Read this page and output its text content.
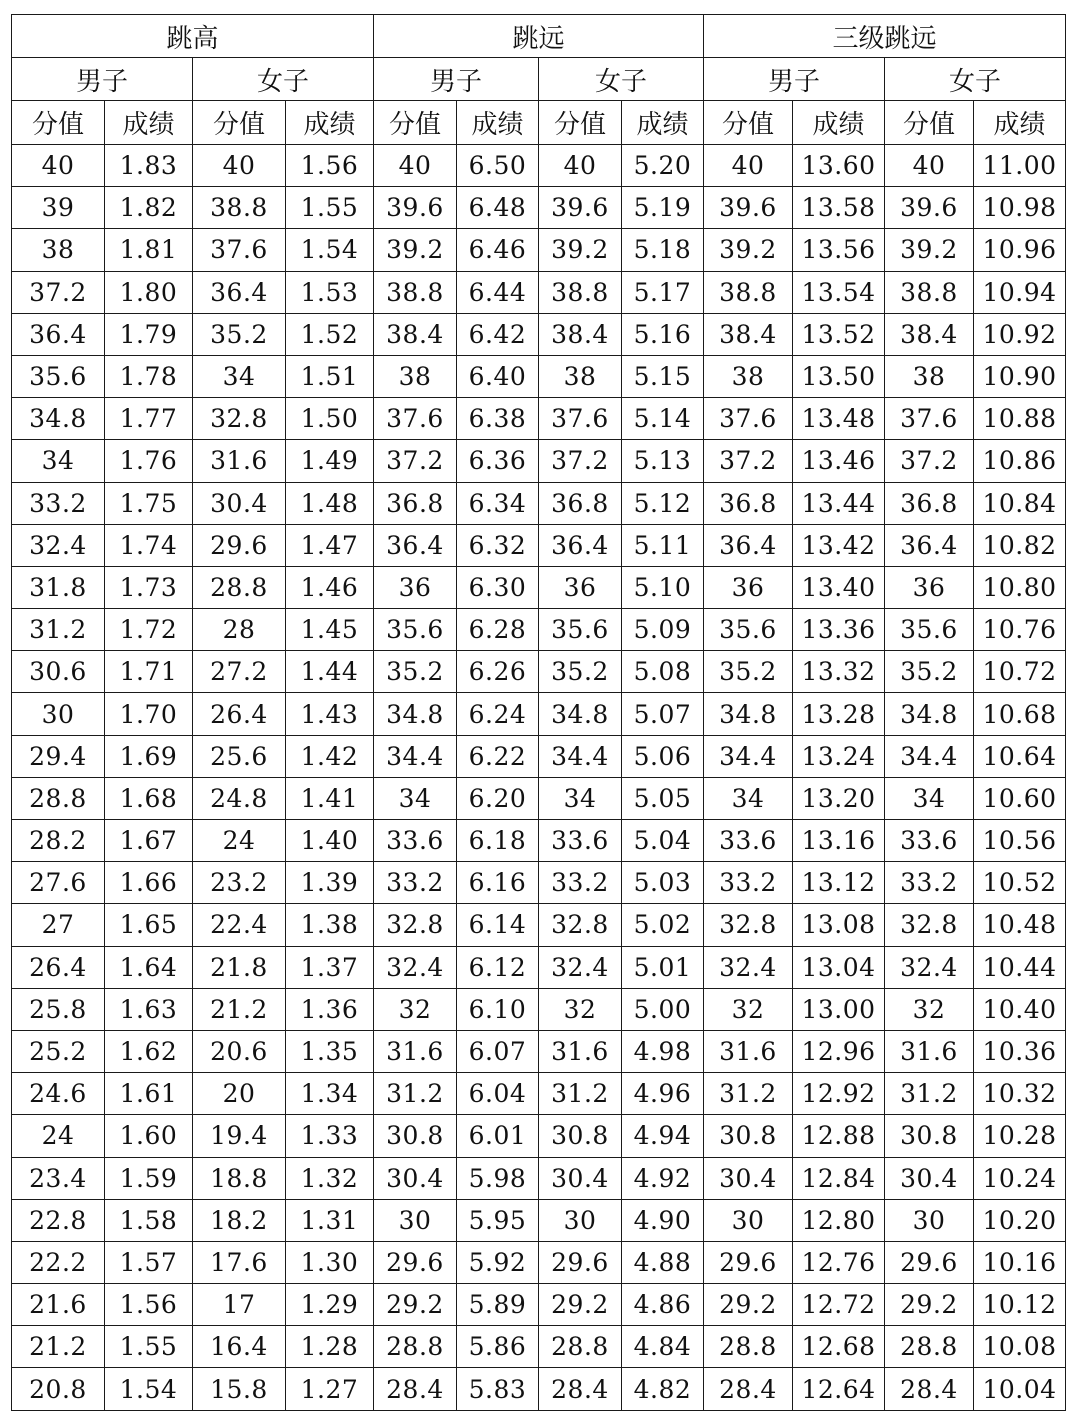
跳高				跳远				三级跳远			
男子		女子		男子		女子		男子		女子	
分值	成绩	分值	成绩	分值	成绩	分值	成绩	分值	成绩	分值	成绩
40	1.83	40	1.56	40	6.50	40	5.20	40	13.60	40	11.00
39	1.82	38.8	1.55	39.6	6.48	39.6	5.19	39.6	13.58	39.6	10.98
38	1.81	37.6	1.54	39.2	6.46	39.2	5.18	39.2	13.56	39.2	10.96
37.2	1.80	36.4	1.53	38.8	6.44	38.8	5.17	38.8	13.54	38.8	10.94
36.4	1.79	35.2	1.52	38.4	6.42	38.4	5.16	38.4	13.52	38.4	10.92
35.6	1.78	34	1.51	38	6.40	38	5.15	38	13.50	38	10.90
34.8	1.77	32.8	1.50	37.6	6.38	37.6	5.14	37.6	13.48	37.6	10.88
34	1.76	31.6	1.49	37.2	6.36	37.2	5.13	37.2	13.46	37.2	10.86
33.2	1.75	30.4	1.48	36.8	6.34	36.8	5.12	36.8	13.44	36.8	10.84
32.4	1.74	29.6	1.47	36.4	6.32	36.4	5.11	36.4	13.42	36.4	10.82
31.8	1.73	28.8	1.46	36	6.30	36	5.10	36	13.40	36	10.80
31.2	1.72	28	1.45	35.6	6.28	35.6	5.09	35.6	13.36	35.6	10.76
30.6	1.71	27.2	1.44	35.2	6.26	35.2	5.08	35.2	13.32	35.2	10.72
30	1.70	26.4	1.43	34.8	6.24	34.8	5.07	34.8	13.28	34.8	10.68
29.4	1.69	25.6	1.42	34.4	6.22	34.4	5.06	34.4	13.24	34.4	10.64
28.8	1.68	24.8	1.41	34	6.20	34	5.05	34	13.20	34	10.60
28.2	1.67	24	1.40	33.6	6.18	33.6	5.04	33.6	13.16	33.6	10.56
27.6	1.66	23.2	1.39	33.2	6.16	33.2	5.03	33.2	13.12	33.2	10.52
27	1.65	22.4	1.38	32.8	6.14	32.8	5.02	32.8	13.08	32.8	10.48
26.4	1.64	21.8	1.37	32.4	6.12	32.4	5.01	32.4	13.04	32.4	10.44
25.8	1.63	21.2	1.36	32	6.10	32	5.00	32	13.00	32	10.40
25.2	1.62	20.6	1.35	31.6	6.07	31.6	4.98	31.6	12.96	31.6	10.36
24.6	1.61	20	1.34	31.2	6.04	31.2	4.96	31.2	12.92	31.2	10.32
24	1.60	19.4	1.33	30.8	6.01	30.8	4.94	30.8	12.88	30.8	10.28
23.4	1.59	18.8	1.32	30.4	5.98	30.4	4.92	30.4	12.84	30.4	10.24
22.8	1.58	18.2	1.31	30	5.95	30	4.90	30	12.80	30	10.20
22.2	1.57	17.6	1.30	29.6	5.92	29.6	4.88	29.6	12.76	29.6	10.16
21.6	1.56	17	1.29	29.2	5.89	29.2	4.86	29.2	12.72	29.2	10.12
21.2	1.55	16.4	1.28	28.8	5.86	28.8	4.84	28.8	12.68	28.8	10.08
20.8	1.54	15.8	1.27	28.4	5.83	28.4	4.82	28.4	12.64	28.4	10.04
